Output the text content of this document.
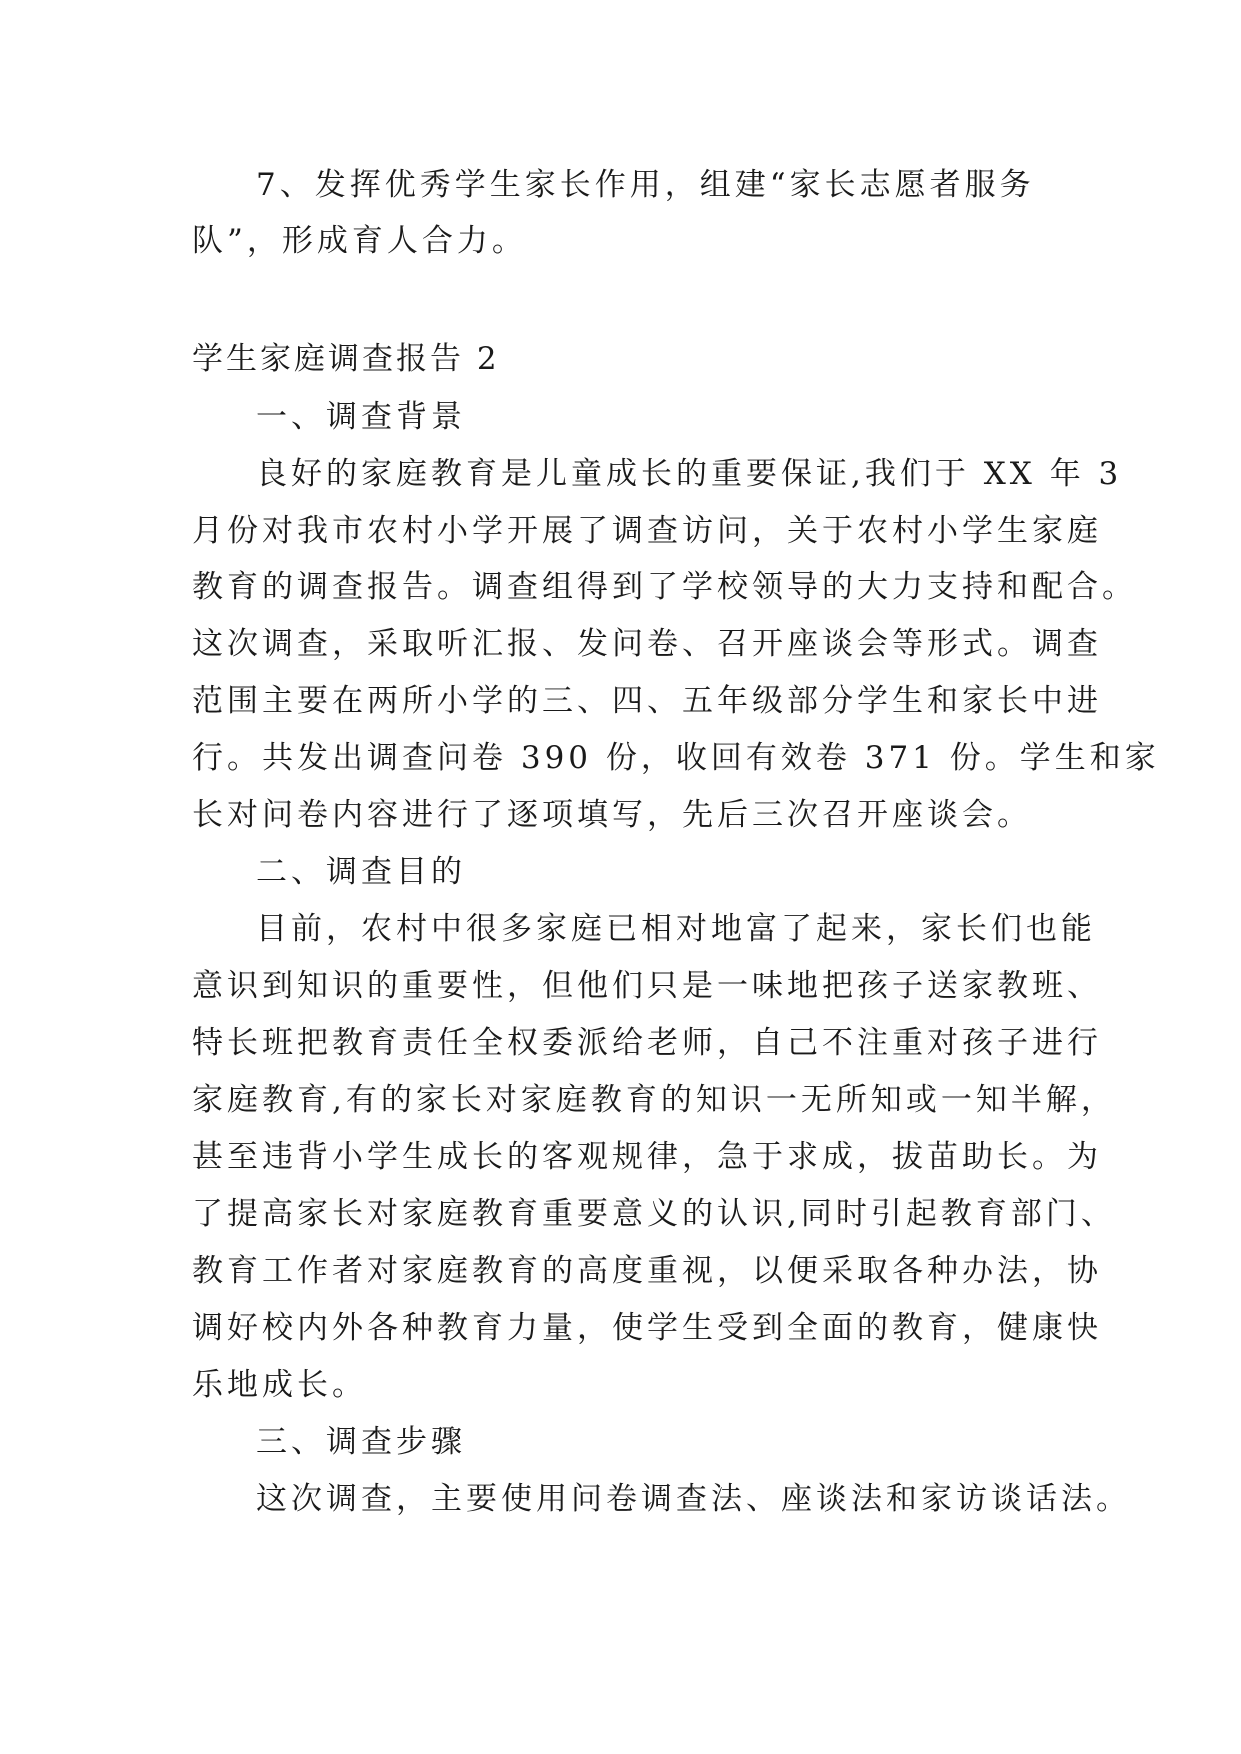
7、发挥优秀学生家长作用，组建“家长志愿者服务
队”，形成育人合力。
学生家庭调查报告 2
一、调查背景
良好的家庭教育是儿童成长的重要保证,我们于 XX 年 3
月份对我市农村小学开展了调查访问，关于农村小学生家庭
教育的调查报告。调查组得到了学校领导的大力支持和配合。
这次调查，采取听汇报、发问卷、召开座谈会等形式。调查
范围主要在两所小学的三、四、五年级部分学生和家长中进
行。共发出调查问卷 390 份，收回有效卷 371 份。学生和家
长对问卷内容进行了逐项填写，先后三次召开座谈会。
二、调查目的
目前，农村中很多家庭已相对地富了起来，家长们也能
意识到知识的重要性，但他们只是一味地把孩子送家教班、
特长班把教育责任全权委派给老师，自己不注重对孩子进行
家庭教育,有的家长对家庭教育的知识一无所知或一知半解，
甚至违背小学生成长的客观规律，急于求成，拔苗助长。为
了提高家长对家庭教育重要意义的认识,同时引起教育部门、
教育工作者对家庭教育的高度重视，以便采取各种办法，协
调好校内外各种教育力量，使学生受到全面的教育，健康快
乐地成长。
三、调查步骤
这次调查，主要使用问卷调查法、座谈法和家访谈话法。
